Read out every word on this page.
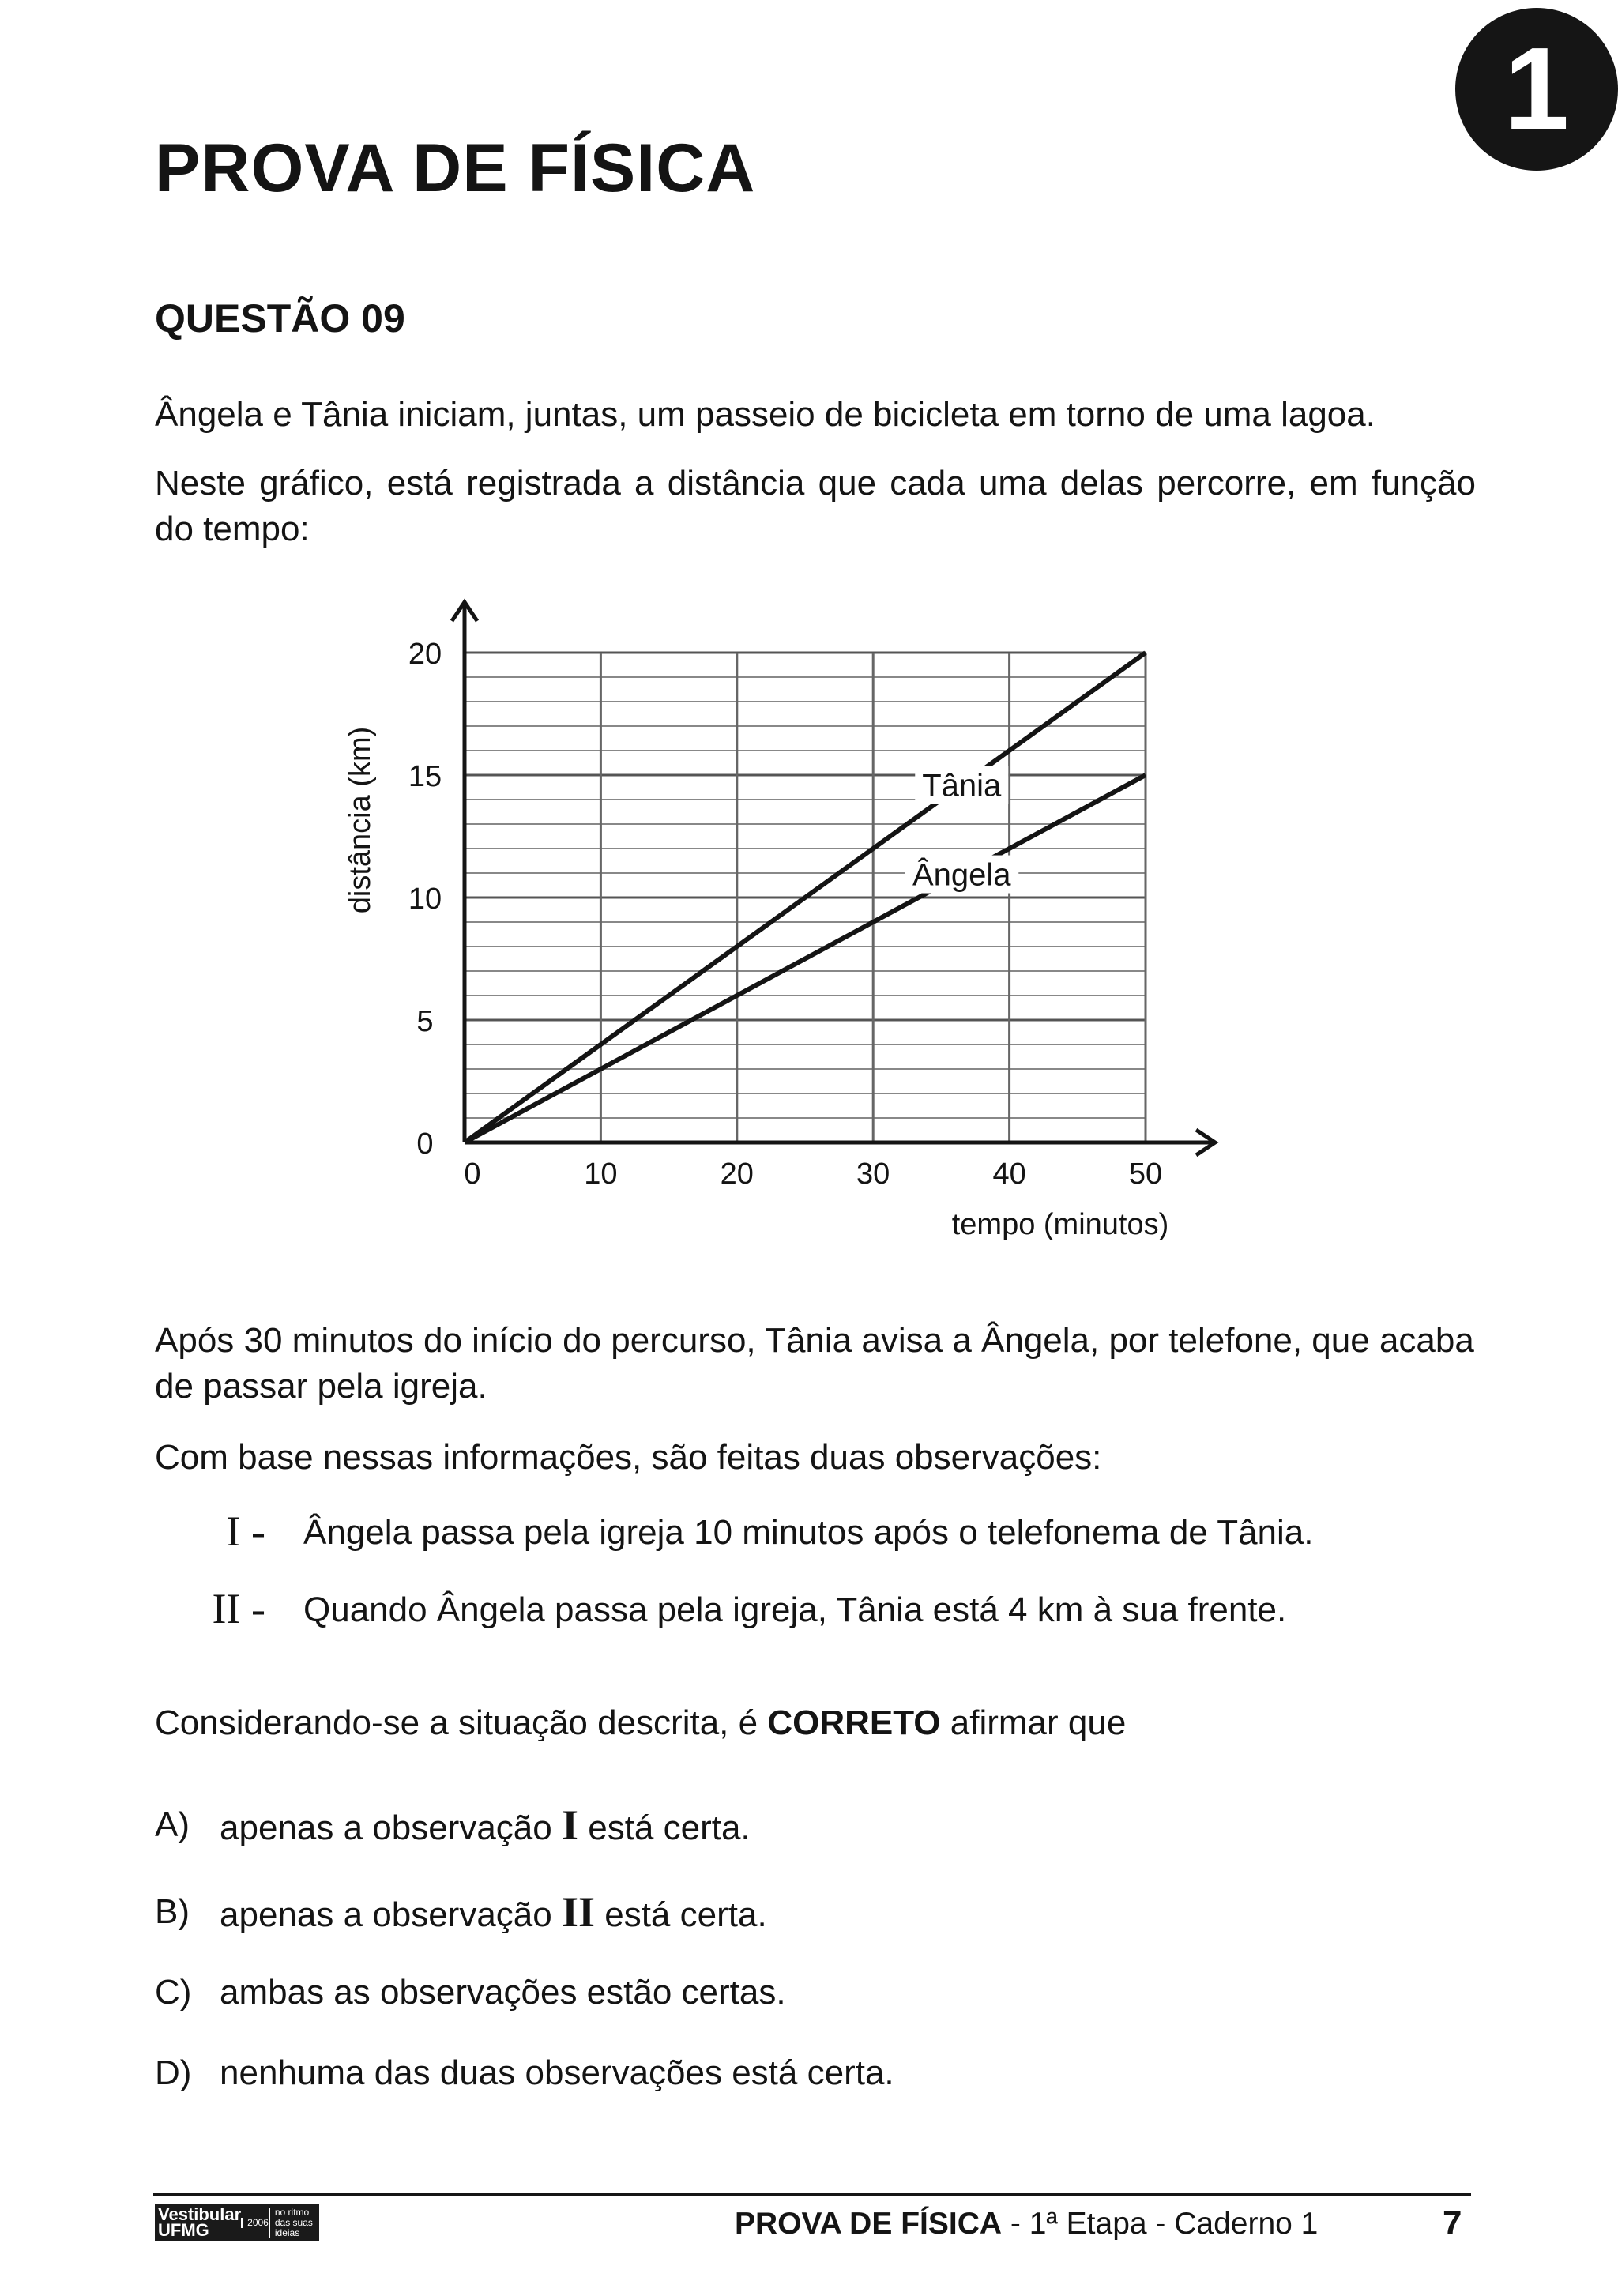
1
PROVA DE FÍSICA
QUESTÃO 09
Ângela e Tânia iniciam, juntas, um passeio de bicicleta em torno de uma lagoa.
Neste gráfico, está registrada a distância que cada uma delas percorre, em função do tempo:
0
5
10
15
20
0	10	20	30	40	50
Tânia
Ângela
tempo (minutos)
distância (km)
Após 30 minutos do início do percurso, Tânia avisa a Ângela, por telefone, que acaba de passar pela igreja.
Com base nessas informações, são feitas duas observações:
I - Ângela passa pela igreja 10 minutos após o telefonema de Tânia.
II - Quando Ângela passa pela igreja, Tânia está 4 km à sua frente.
Considerando-se a situação descrita, é CORRETO afirmar que
A) apenas a observação I está certa.
B) apenas a observação II está certa.
C) ambas as observações estão certas.
D) nenhuma das duas observações está certa.
Vestibular UFMG	2006
no ritmo das suas ideias	PROVA DE FÍSICA - 1ª Etapa - Caderno 1	7
